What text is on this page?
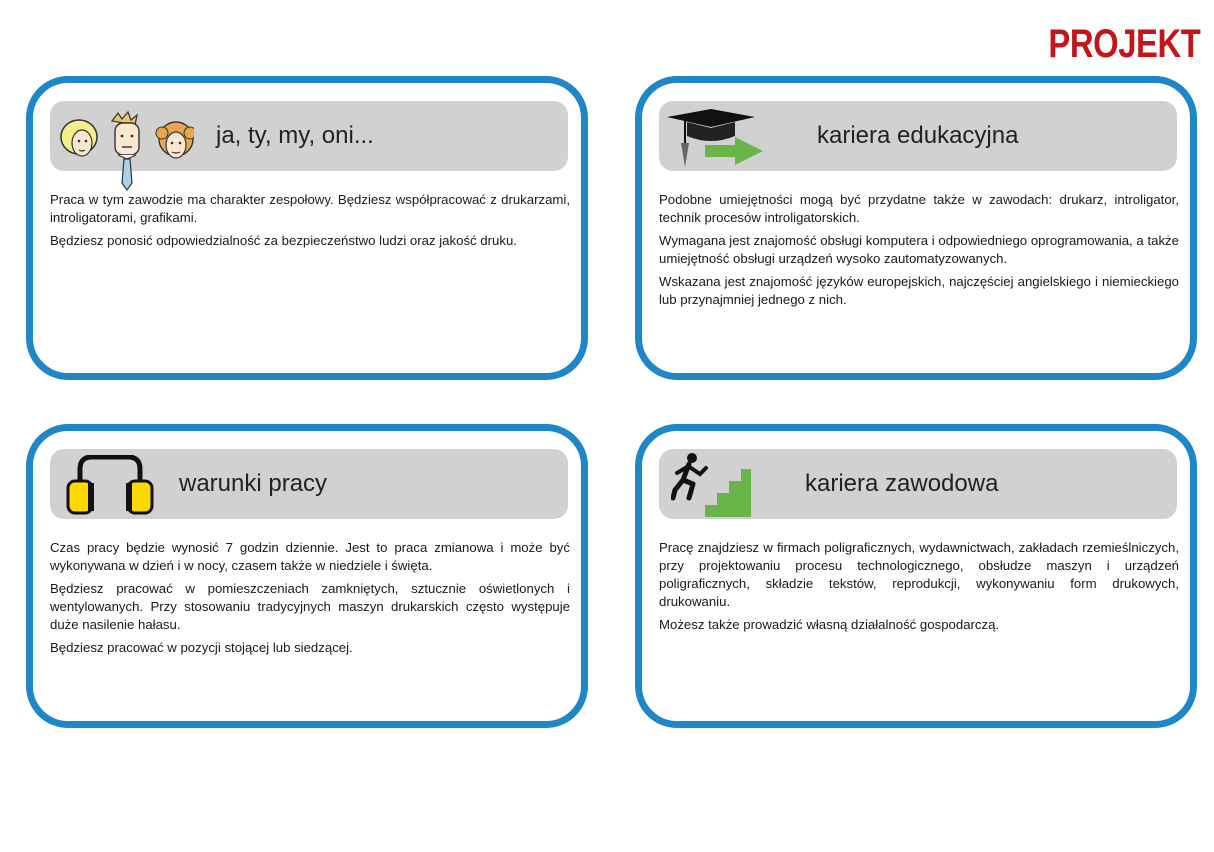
PROJEKT
ja, ty, my, oni...

Praca w tym zawodzie ma charakter zespołowy. Będziesz współpracować z drukarzami, introligatorami, grafikami.

Będziesz ponosić odpowiedzialność za bezpieczeństwo ludzi oraz jakość druku.

kariera edukacyjna

Podobne umiejętności mogą być przydatne także w zawodach: drukarz, introligator, technik procesów introligatorskich.

Wymagana jest znajomość obsługi komputera i odpowiedniego oprogramowania, a także umiejętność obsługi urządzeń wysoko zautomatyzowanych.

Wskazana jest znajomość języków europejskich, najczęściej angielskiego i niemieckiego lub przynajmniej jednego z nich.

warunki pracy

Czas pracy będzie wynosić 7 godzin dziennie. Jest to praca zmianowa i może być wykonywana w dzień i w nocy, czasem także w niedziele i święta.

Będziesz pracować w pomieszczeniach zamkniętych, sztucznie oświetlonych i wentylowanych. Przy stosowaniu tradycyjnych maszyn drukarskich często występuje duże nasilenie hałasu.

Będziesz pracować w pozycji stojącej lub siedzącej.

kariera zawodowa

Pracę znajdziesz w firmach poligraficznych, wydawnictwach, zakładach rzemieślniczych, przy projektowaniu procesu technologicznego, obsłudze maszyn i urządzeń poligraficznych, składzie tekstów, reprodukcji, wykonywaniu form drukowych, drukowaniu.

Możesz także prowadzić własną działalność gospodarczą.
